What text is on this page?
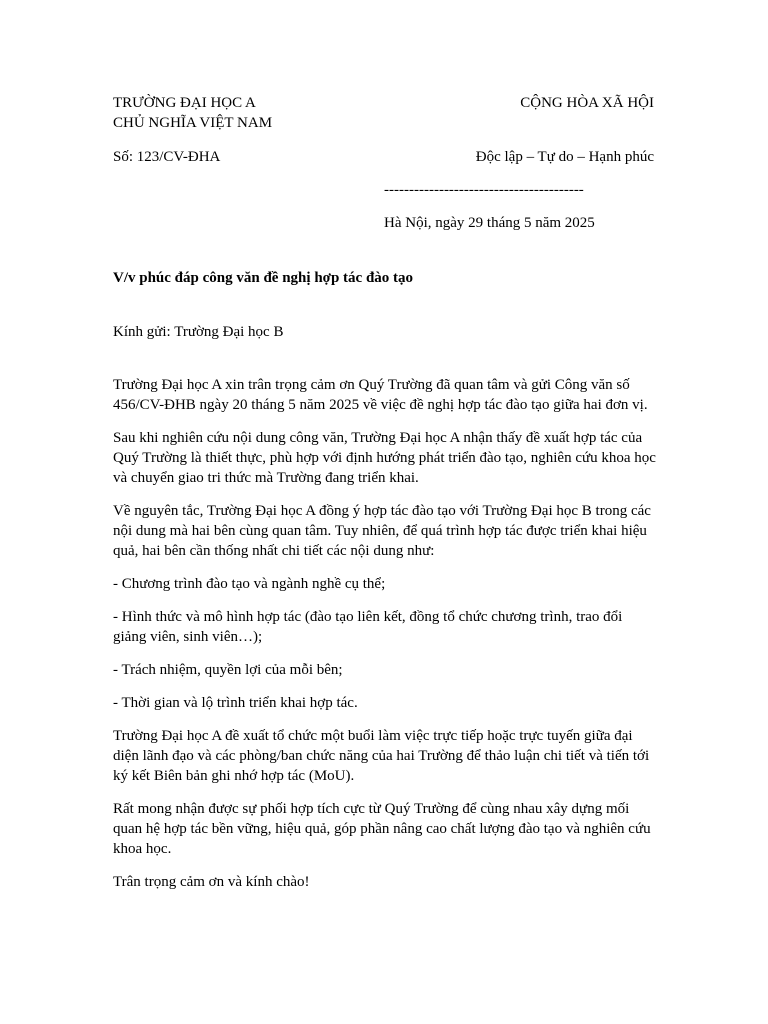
TRƯỜNG ĐẠI HỌC A	CỘNG HÒA XÃ HỘI
CHỦ NGHĨA VIỆT NAM
Số: 123/CV-ĐHA	Độc lập – Tự do – Hạnh phúc
----------------------------------------
Hà Nội, ngày 29 tháng 5 năm 2025
V/v phúc đáp công văn đề nghị hợp tác đào tạo
Kính gửi: Trường Đại học B

Trường Đại học A xin trân trọng cảm ơn Quý Trường đã quan tâm và gửi Công văn số 456/CV-ĐHB ngày 20 tháng 5 năm 2025 về việc đề nghị hợp tác đào tạo giữa hai đơn vị.

Sau khi nghiên cứu nội dung công văn, Trường Đại học A nhận thấy đề xuất hợp tác của Quý Trường là thiết thực, phù hợp với định hướng phát triển đào tạo, nghiên cứu khoa học và chuyển giao tri thức mà Trường đang triển khai.

Về nguyên tắc, Trường Đại học A đồng ý hợp tác đào tạo với Trường Đại học B trong các nội dung mà hai bên cùng quan tâm. Tuy nhiên, để quá trình hợp tác được triển khai hiệu quả, hai bên cần thống nhất chi tiết các nội dung như:

- Chương trình đào tạo và ngành nghề cụ thể;

- Hình thức và mô hình hợp tác (đào tạo liên kết, đồng tổ chức chương trình, trao đổi giảng viên, sinh viên…);

- Trách nhiệm, quyền lợi của mỗi bên;

- Thời gian và lộ trình triển khai hợp tác.

Trường Đại học A đề xuất tổ chức một buổi làm việc trực tiếp hoặc trực tuyến giữa đại diện lãnh đạo và các phòng/ban chức năng của hai Trường để thảo luận chi tiết và tiến tới ký kết Biên bản ghi nhớ hợp tác (MoU).

Rất mong nhận được sự phối hợp tích cực từ Quý Trường để cùng nhau xây dựng mối quan hệ hợp tác bền vững, hiệu quả, góp phần nâng cao chất lượng đào tạo và nghiên cứu khoa học.

Trân trọng cảm ơn và kính chào!
